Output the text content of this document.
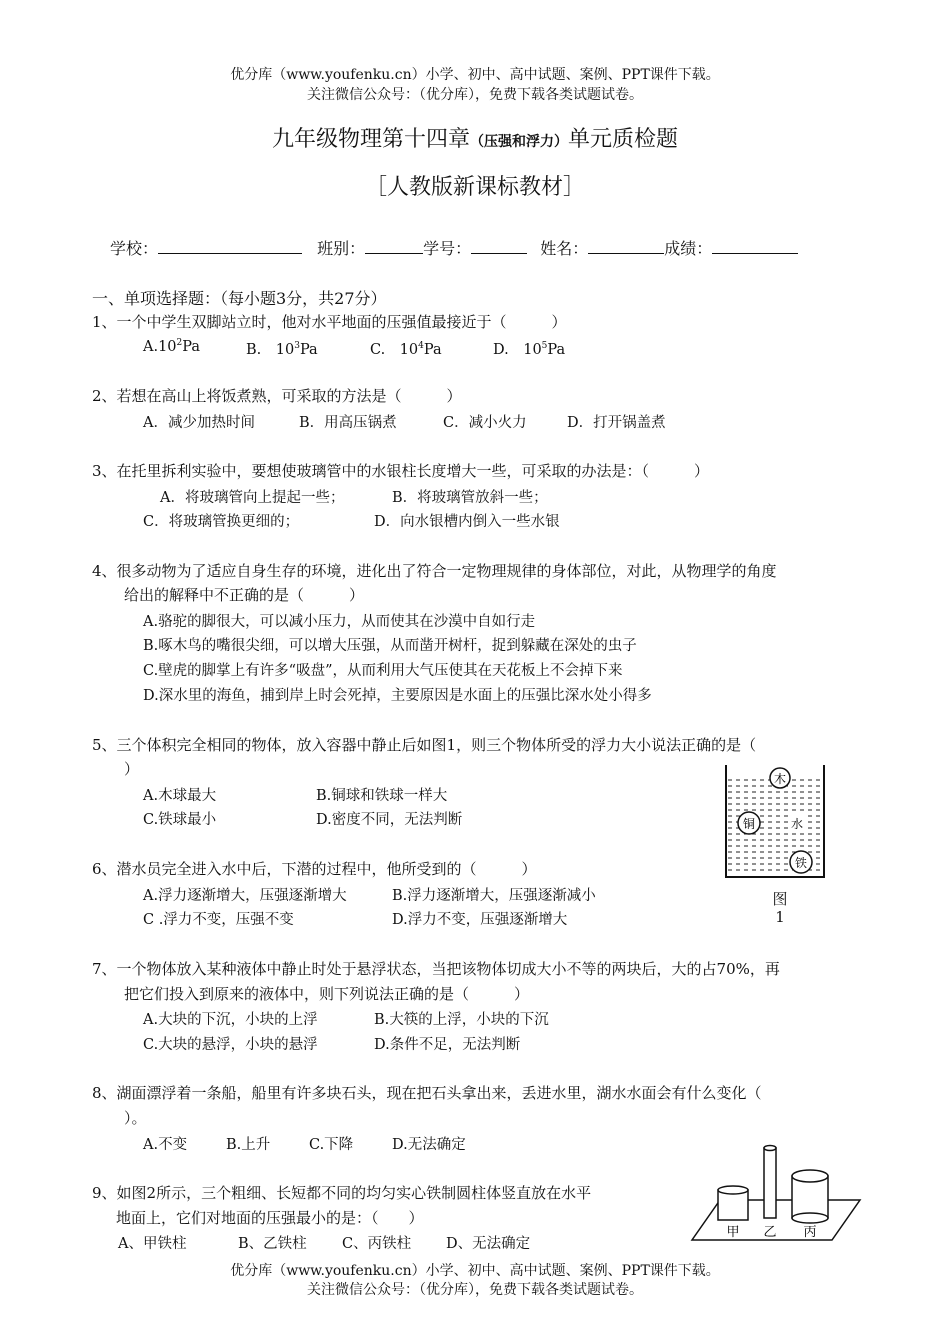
优分库（www.youfenku.cn）小学、初中、高中试题、案例、PPT课件下载。
关注微信公众号：（优分库），免费下载各类试题试卷。
九年级物理第十四章（压强和浮力）单元质检题
［人教版新课标教材］
学校：	班别：	学号：	姓名：	成绩：
一、单项选择题：（每小题3分，共27分）
1、一个中学生双脚站立时，他对水平地面的压强值最接近于（　　　）
$A.10^2Pa$	B.　$10^3Pa$	C.　$10^4Pa$	D.　$10^5Pa$
2、若想在高山上将饭煮熟，可采取的方法是（　　　）
A．减少加热时间	B．用高压锅煮	C．减小火力	D．打开锅盖煮
3、在托里拆利实验中，要想使玻璃管中的水银柱长度增大一些，可采取的办法是：（　　　）
A．将玻璃管向上提起一些；	B．将玻璃管放斜一些；
C．将玻璃管换更细的；	D．向水银槽内倒入一些水银
4、很多动物为了适应自身生存的环境，进化出了符合一定物理规律的身体部位，对此，从物理学的角度
给出的解释中不正确的是（　　　）
A.骆驼的脚很大，可以减小压力，从而使其在沙漠中自如行走
B.啄木鸟的嘴很尖细，可以增大压强，从而凿开树杆，捉到躲藏在深处的虫子
C.壁虎的脚掌上有许多“吸盘”，从而利用大气压使其在天花板上不会掉下来
D.深水里的海鱼，捕到岸上时会死掉，主要原因是水面上的压强比深水处小得多
5、三个体积完全相同的物体，放入容器中静止后如图1，则三个物体所受的浮力大小说法正确的是（
）
A.木球最大	B.铜球和铁球一样大
C.铁球最小	D.密度不同，无法判断
木
铜	水
铁
图
1
6、潜水员完全进入水中后，下潜的过程中，他所受到的（　　　）
A.浮力逐渐增大，压强逐渐增大	B.浮力逐渐增大，压强逐渐减小
C .浮力不变，压强不变	D.浮力不变，压强逐渐增大
7、一个物体放入某种液体中静止时处于悬浮状态，当把该物体切成大小不等的两块后，大的占70%，再
把它们投入到原来的液体中，则下列说法正确的是（　　　）
A.大块的下沉，小块的上浮	B.大筷的上浮，小块的下沉
C.大块的悬浮，小块的悬浮	D.条件不足，无法判断
8、湖面漂浮着一条船，船里有许多块石头，现在把石头拿出来，丢进水里，湖水水面会有什么变化（
）。
A.不变	B.上升	C.下降	D.无法确定
9、如图2所示，三个粗细、长短都不同的均匀实心铁制圆柱体竖直放在水平
地面上，它们对地面的压强最小的是：（　　）
A、甲铁柱	B、乙铁柱 C、丙铁柱 D、无法确定
甲 乙 丙
优分库（www.youfenku.cn）小学、初中、高中试题、案例、PPT课件下载。
关注微信公众号：（优分库），免费下载各类试题试卷。
